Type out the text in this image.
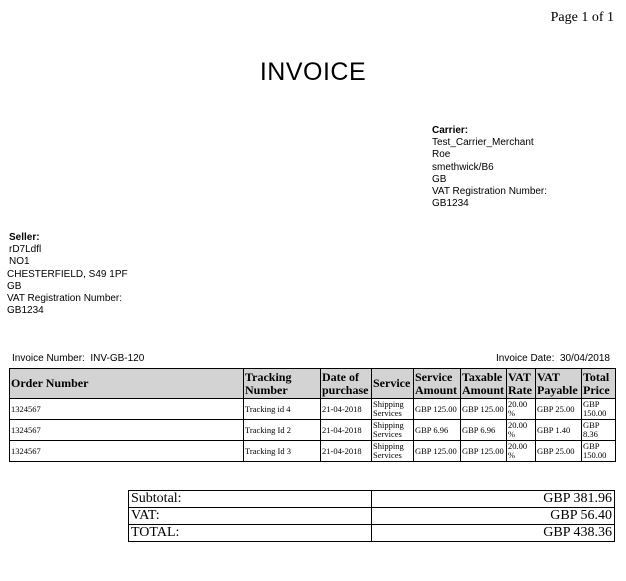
Page 1 of 1
INVOICE
Carrier:
Test_Carrier_Merchant
Roe
smethwick/B6
GB
VAT Registration Number:
GB1234
Seller:
rD7Ldfl
NO1
CHESTERFIELD, S49 1PF
GB
VAT Registration Number:
GB1234
Invoice Number: INV-GB-120	Invoice Date: 30/04/2018
Order Number	Tracking Number	Date of purchase	Service	Service Amount	Taxable Amount	VAT Rate	VAT Payable	Total Price
1324567	Tracking id 4	21-04-2018	Shipping Services	GBP 125.00	GBP 125.00	20.00 %	GBP 25.00	GBP 150.00
1324567	Tracking Id 2	21-04-2018	Shipping Services	GBP 6.96	GBP 6.96	20.00 %	GBP 1.40	GBP 8.36
1324567	Tracking Id 3	21-04-2018	Shipping Services	GBP 125.00	GBP 125.00	20.00 %	GBP 25.00	GBP 150.00

Subtotal:	GBP 381.96
VAT:	GBP 56.40
TOTAL:	GBP 438.36
